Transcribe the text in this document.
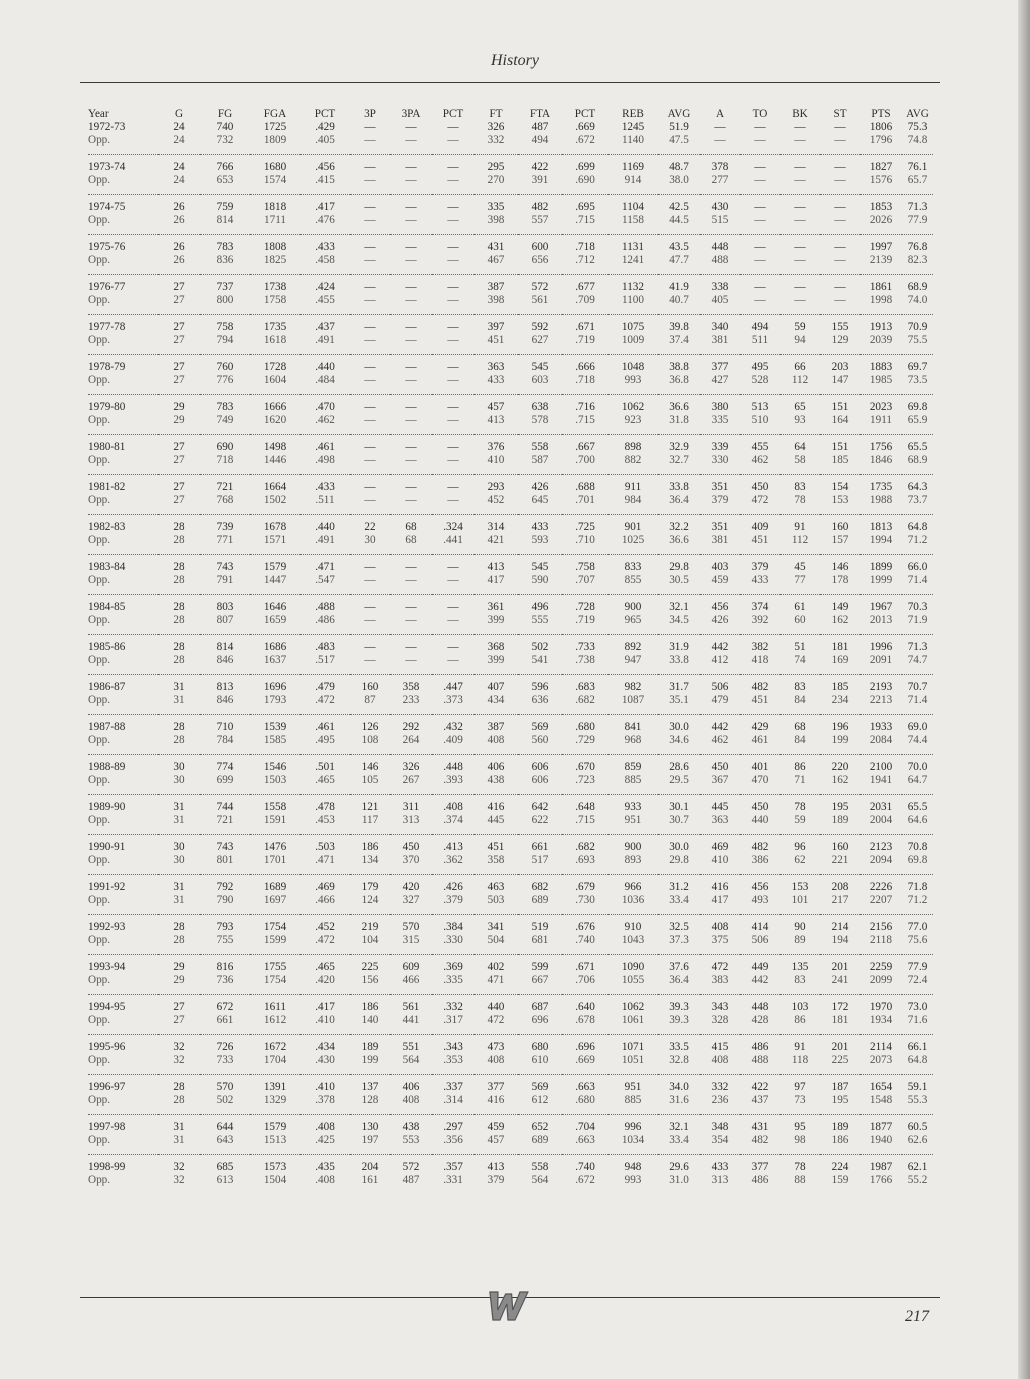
History
Year	G	FG	FGA	PCT	3P	3PA	PCT	FT	FTA	PCT	REB	AVG	A	TO	BK	ST	PTS	AVG
1972-73	24	740	1725	.429	—	—	—	326	487	.669	1245	51.9	—	—	—	—	1806	75.3
Opp.	24	732	1809	.405	—	—	—	332	494	.672	1140	47.5	—	—	—	—	1796	74.8
1973-74	24	766	1680	.456	—	—	—	295	422	.699	1169	48.7	378	—	—	—	1827	76.1
Opp.	24	653	1574	.415	—	—	—	270	391	.690	914	38.0	277	—	—	—	1576	65.7
1974-75	26	759	1818	.417	—	—	—	335	482	.695	1104	42.5	430	—	—	—	1853	71.3
Opp.	26	814	1711	.476	—	—	—	398	557	.715	1158	44.5	515	—	—	—	2026	77.9
1975-76	26	783	1808	.433	—	—	—	431	600	.718	1131	43.5	448	—	—	—	1997	76.8
Opp.	26	836	1825	.458	—	—	—	467	656	.712	1241	47.7	488	—	—	—	2139	82.3
1976-77	27	737	1738	.424	—	—	—	387	572	.677	1132	41.9	338	—	—	—	1861	68.9
Opp.	27	800	1758	.455	—	—	—	398	561	.709	1100	40.7	405	—	—	—	1998	74.0
1977-78	27	758	1735	.437	—	—	—	397	592	.671	1075	39.8	340	494	59	155	1913	70.9
Opp.	27	794	1618	.491	—	—	—	451	627	.719	1009	37.4	381	511	94	129	2039	75.5
1978-79	27	760	1728	.440	—	—	—	363	545	.666	1048	38.8	377	495	66	203	1883	69.7
Opp.	27	776	1604	.484	—	—	—	433	603	.718	993	36.8	427	528	112	147	1985	73.5
1979-80	29	783	1666	.470	—	—	—	457	638	.716	1062	36.6	380	513	65	151	2023	69.8
Opp.	29	749	1620	.462	—	—	—	413	578	.715	923	31.8	335	510	93	164	1911	65.9
1980-81	27	690	1498	.461	—	—	—	376	558	.667	898	32.9	339	455	64	151	1756	65.5
Opp.	27	718	1446	.498	—	—	—	410	587	.700	882	32.7	330	462	58	185	1846	68.9
1981-82	27	721	1664	.433	—	—	—	293	426	.688	911	33.8	351	450	83	154	1735	64.3
Opp.	27	768	1502	.511	—	—	—	452	645	.701	984	36.4	379	472	78	153	1988	73.7
1982-83	28	739	1678	.440	22	68	.324	314	433	.725	901	32.2	351	409	91	160	1813	64.8
Opp.	28	771	1571	.491	30	68	.441	421	593	.710	1025	36.6	381	451	112	157	1994	71.2
1983-84	28	743	1579	.471	—	—	—	413	545	.758	833	29.8	403	379	45	146	1899	66.0
Opp.	28	791	1447	.547	—	—	—	417	590	.707	855	30.5	459	433	77	178	1999	71.4
1984-85	28	803	1646	.488	—	—	—	361	496	.728	900	32.1	456	374	61	149	1967	70.3
Opp.	28	807	1659	.486	—	—	—	399	555	.719	965	34.5	426	392	60	162	2013	71.9
1985-86	28	814	1686	.483	—	—	—	368	502	.733	892	31.9	442	382	51	181	1996	71.3
Opp.	28	846	1637	.517	—	—	—	399	541	.738	947	33.8	412	418	74	169	2091	74.7
1986-87	31	813	1696	.479	160	358	.447	407	596	.683	982	31.7	506	482	83	185	2193	70.7
Opp.	31	846	1793	.472	87	233	.373	434	636	.682	1087	35.1	479	451	84	234	2213	71.4
1987-88	28	710	1539	.461	126	292	.432	387	569	.680	841	30.0	442	429	68	196	1933	69.0
Opp.	28	784	1585	.495	108	264	.409	408	560	.729	968	34.6	462	461	84	199	2084	74.4
1988-89	30	774	1546	.501	146	326	.448	406	606	.670	859	28.6	450	401	86	220	2100	70.0
Opp.	30	699	1503	.465	105	267	.393	438	606	.723	885	29.5	367	470	71	162	1941	64.7
1989-90	31	744	1558	.478	121	311	.408	416	642	.648	933	30.1	445	450	78	195	2031	65.5
Opp.	31	721	1591	.453	117	313	.374	445	622	.715	951	30.7	363	440	59	189	2004	64.6
1990-91	30	743	1476	.503	186	450	.413	451	661	.682	900	30.0	469	482	96	160	2123	70.8
Opp.	30	801	1701	.471	134	370	.362	358	517	.693	893	29.8	410	386	62	221	2094	69.8
1991-92	31	792	1689	.469	179	420	.426	463	682	.679	966	31.2	416	456	153	208	2226	71.8
Opp.	31	790	1697	.466	124	327	.379	503	689	.730	1036	33.4	417	493	101	217	2207	71.2
1992-93	28	793	1754	.452	219	570	.384	341	519	.676	910	32.5	408	414	90	214	2156	77.0
Opp.	28	755	1599	.472	104	315	.330	504	681	.740	1043	37.3	375	506	89	194	2118	75.6
1993-94	29	816	1755	.465	225	609	.369	402	599	.671	1090	37.6	472	449	135	201	2259	77.9
Opp.	29	736	1754	.420	156	466	.335	471	667	.706	1055	36.4	383	442	83	241	2099	72.4
1994-95	27	672	1611	.417	186	561	.332	440	687	.640	1062	39.3	343	448	103	172	1970	73.0
Opp.	27	661	1612	.410	140	441	.317	472	696	.678	1061	39.3	328	428	86	181	1934	71.6
1995-96	32	726	1672	.434	189	551	.343	473	680	.696	1071	33.5	415	486	91	201	2114	66.1
Opp.	32	733	1704	.430	199	564	.353	408	610	.669	1051	32.8	408	488	118	225	2073	64.8
1996-97	28	570	1391	.410	137	406	.337	377	569	.663	951	34.0	332	422	97	187	1654	59.1
Opp.	28	502	1329	.378	128	408	.314	416	612	.680	885	31.6	236	437	73	195	1548	55.3
1997-98	31	644	1579	.408	130	438	.297	459	652	.704	996	32.1	348	431	95	189	1877	60.5
Opp.	31	643	1513	.425	197	553	.356	457	689	.663	1034	33.4	354	482	98	186	1940	62.6
1998-99	32	685	1573	.435	204	572	.357	413	558	.740	948	29.6	433	377	78	224	1987	62.1
Opp.	32	613	1504	.408	161	487	.331	379	564	.672	993	31.0	313	486	88	159	1766	55.2
217
